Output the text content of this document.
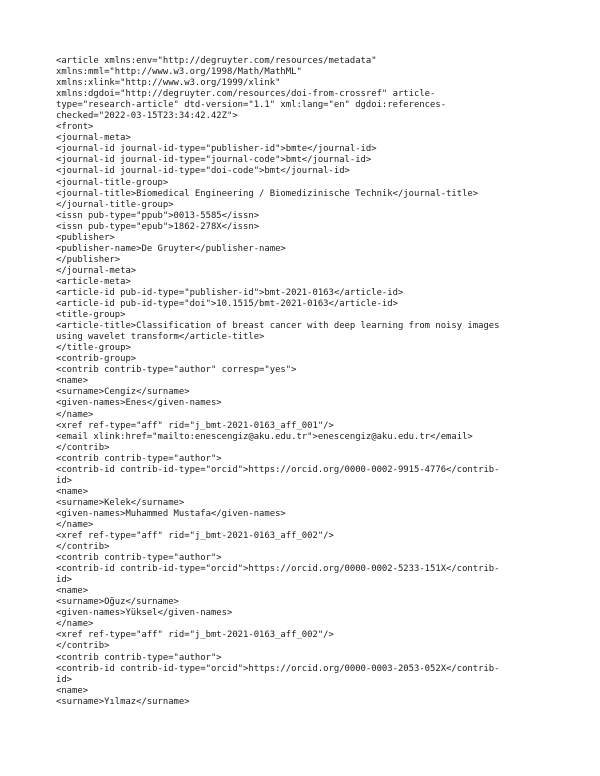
<article xmlns:env="http://degruyter.com/resources/metadata"
xmlns:mml="http://www.w3.org/1998/Math/MathML"
xmlns:xlink="http://www.w3.org/1999/xlink"
xmlns:dgdoi="http://degruyter.com/resources/doi-from-crossref" article-
type="research-article" dtd-version="1.1" xml:lang="en" dgdoi:references-
checked="2022-03-15T23:34:42.42Z">
<front>
<journal-meta>
<journal-id journal-id-type="publisher-id">bmte</journal-id>
<journal-id journal-id-type="journal-code">bmt</journal-id>
<journal-id journal-id-type="doi-code">bmt</journal-id>
<journal-title-group>
<journal-title>Biomedical Engineering / Biomedizinische Technik</journal-title>
</journal-title-group>
<issn pub-type="ppub">0013-5585</issn>
<issn pub-type="epub">1862-278X</issn>
<publisher>
<publisher-name>De Gruyter</publisher-name>
</publisher>
</journal-meta>
<article-meta>
<article-id pub-id-type="publisher-id">bmt-2021-0163</article-id>
<article-id pub-id-type="doi">10.1515/bmt-2021-0163</article-id>
<title-group>
<article-title>Classification of breast cancer with deep learning from noisy images
using wavelet transform</article-title>
</title-group>
<contrib-group>
<contrib contrib-type="author" corresp="yes">
<name>
<surname>Cengiz</surname>
<given-names>Enes</given-names>
</name>
<xref ref-type="aff" rid="j_bmt-2021-0163_aff_001"/>
<email xlink:href="mailto:enescengiz@aku.edu.tr">enescengiz@aku.edu.tr</email>
</contrib>
<contrib contrib-type="author">
<contrib-id contrib-id-type="orcid">https://orcid.org/0000-0002-9915-4776</contrib-
id>
<name>
<surname>Kelek</surname>
<given-names>Muhammed Mustafa</given-names>
</name>
<xref ref-type="aff" rid="j_bmt-2021-0163_aff_002"/>
</contrib>
<contrib contrib-type="author">
<contrib-id contrib-id-type="orcid">https://orcid.org/0000-0002-5233-151X</contrib-
id>
<name>
<surname>Oğuz</surname>
<given-names>Yüksel</given-names>
</name>
<xref ref-type="aff" rid="j_bmt-2021-0163_aff_002"/>
</contrib>
<contrib contrib-type="author">
<contrib-id contrib-id-type="orcid">https://orcid.org/0000-0003-2053-052X</contrib-
id>
<name>
<surname>Yılmaz</surname>
